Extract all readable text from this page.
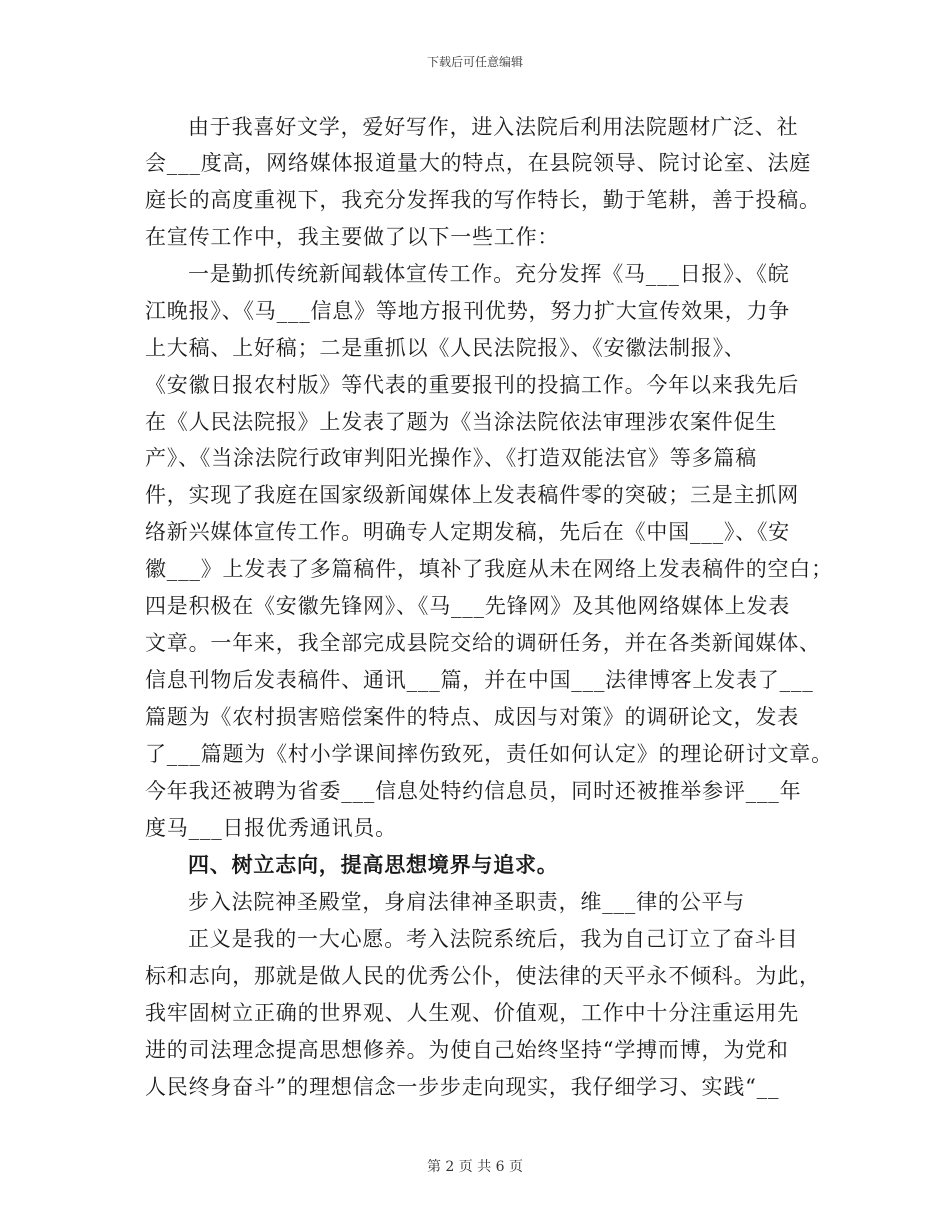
下载后可任意编辑
由于我喜好文学，爱好写作，进入法院后利用法院题材广泛、社
会___度高，网络媒体报道量大的特点，在县院领导、院讨论室、法庭
庭长的高度重视下，我充分发挥我的写作特长，勤于笔耕，善于投稿。
在宣传工作中，我主要做了以下一些工作：
一是勤抓传统新闻载体宣传工作。充分发挥《马___日报》、《皖
江晚报》、《马___信息》等地方报刊优势，努力扩大宣传效果，力争
上大稿、上好稿；二是重抓以《人民法院报》、《安徽法制报》、
《安徽日报农村版》等代表的重要报刊的投搞工作。今年以来我先后
在《人民法院报》上发表了题为《当涂法院依法审理涉农案件促生
产》、《当涂法院行政审判阳光操作》、《打造双能法官》等多篇稿
件，实现了我庭在国家级新闻媒体上发表稿件零的突破；三是主抓网
络新兴媒体宣传工作。明确专人定期发稿，先后在《中国___》、《安
徽___》上发表了多篇稿件，填补了我庭从未在网络上发表稿件的空白；
四是积极在《安徽先锋网》、《马___先锋网》及其他网络媒体上发表
文章。一年来，我全部完成县院交给的调研任务，并在各类新闻媒体、
信息刊物后发表稿件、通讯___篇，并在中国___法律博客上发表了___
篇题为《农村损害赔偿案件的特点、成因与对策》的调研论文，发表
了___篇题为《村小学课间摔伤致死，责任如何认定》的理论研讨文章。
今年我还被聘为省委___信息处特约信息员，同时还被推举参评___年
度马___日报优秀通讯员。
四、树立志向，提高思想境界与追求。
步入法院神圣殿堂，身肩法律神圣职责，维___律的公平与
正义是我的一大心愿。考入法院系统后，我为自己订立了奋斗目
标和志向，那就是做人民的优秀公仆，使法律的天平永不倾科。为此，
我牢固树立正确的世界观、人生观、价值观，工作中十分注重运用先
进的司法理念提高思想修养。为使自己始终坚持“学搏而博，为党和
人民终身奋斗”的理想信念一步步走向现实，我仔细学习、实践“__
第 2 页 共 6 页
